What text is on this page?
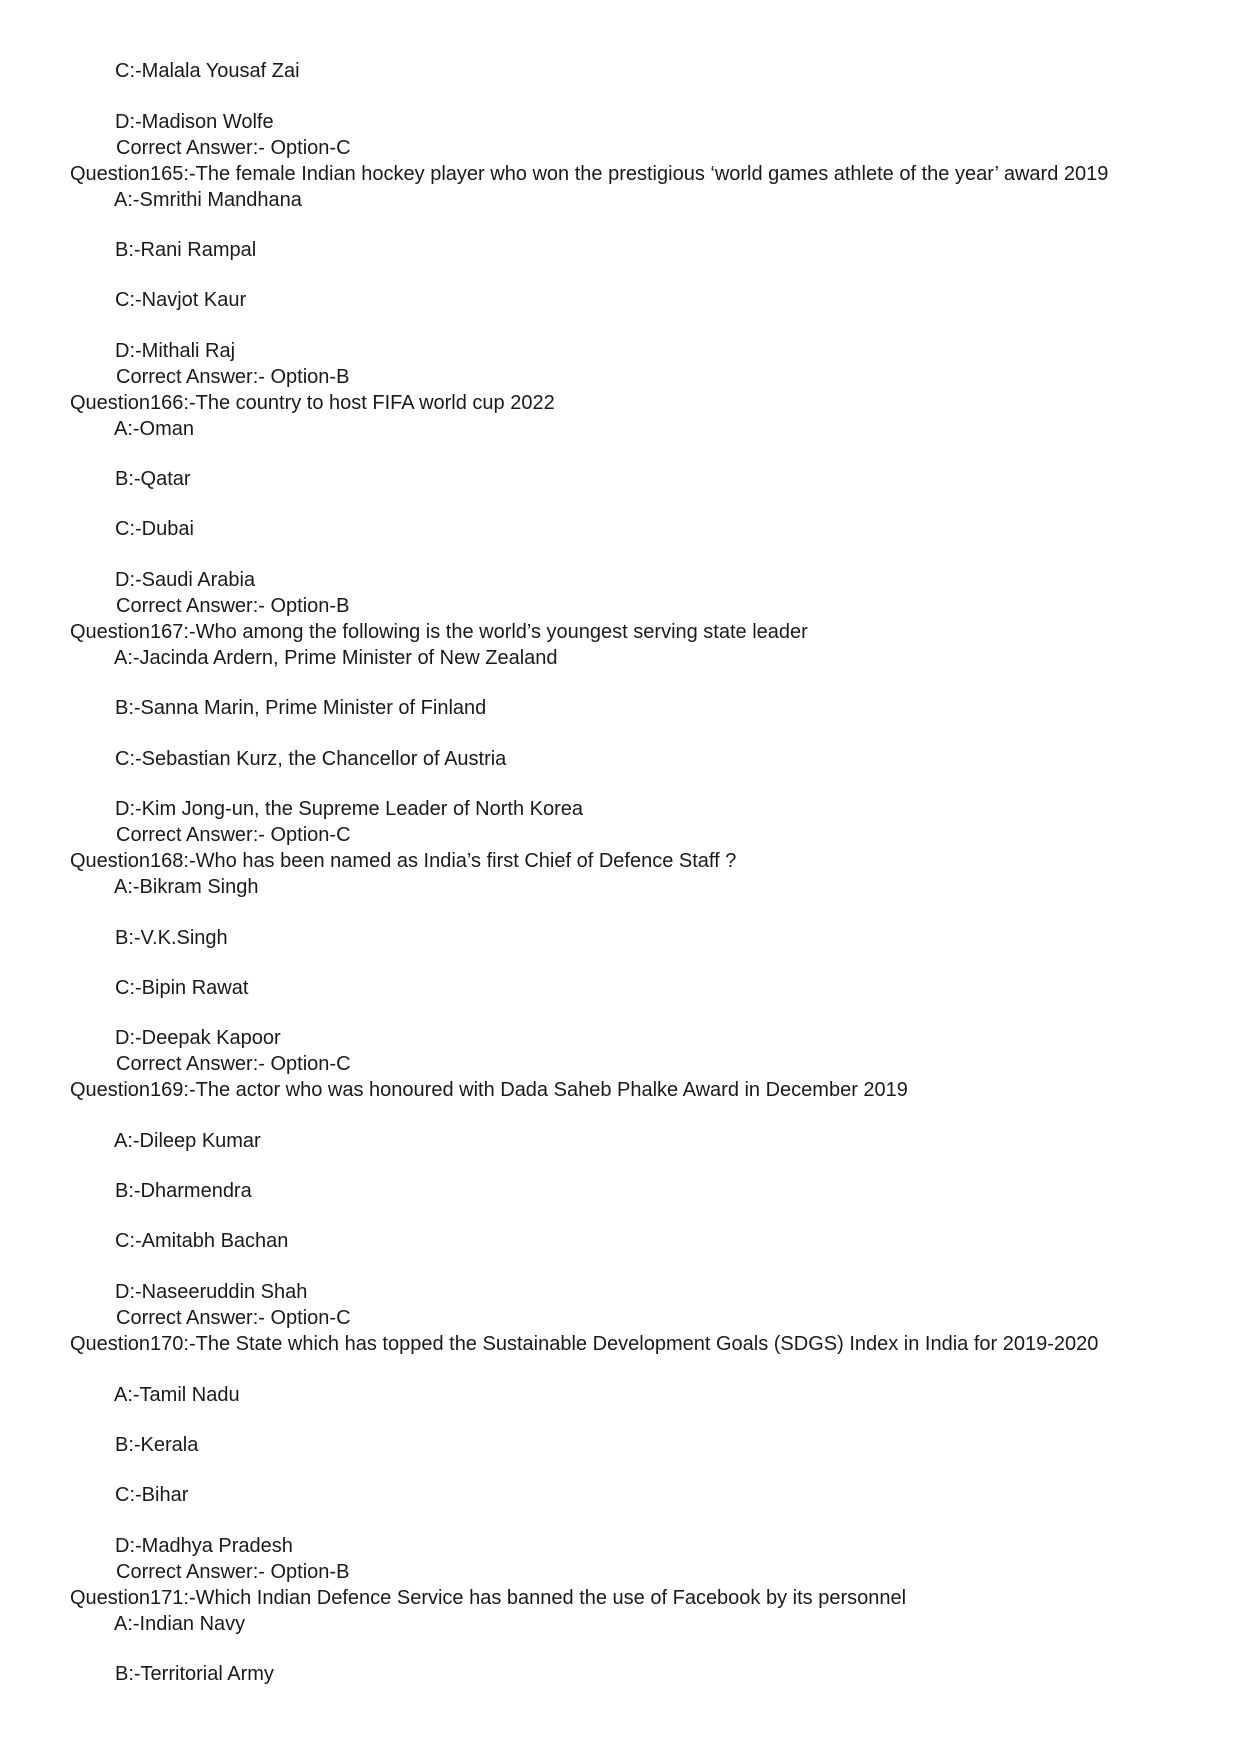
C:-Malala Yousaf Zai
D:-Madison Wolfe
Correct Answer:- Option-C
Question165:-The female Indian hockey player who won the prestigious ‘world games athlete of the year’ award 2019
A:-Smrithi Mandhana
B:-Rani Rampal
C:-Navjot Kaur
D:-Mithali Raj
Correct Answer:- Option-B
Question166:-The country to host FIFA world cup 2022
A:-Oman
B:-Qatar
C:-Dubai
D:-Saudi Arabia
Correct Answer:- Option-B
Question167:-Who among the following is the world’s youngest serving state leader
A:-Jacinda Ardern, Prime Minister of New Zealand
B:-Sanna Marin, Prime Minister of Finland
C:-Sebastian Kurz, the Chancellor of Austria
D:-Kim Jong-un, the Supreme Leader of North Korea
Correct Answer:- Option-C
Question168:-Who has been named as India’s first Chief of Defence Staff ?
A:-Bikram Singh
B:-V.K.Singh
C:-Bipin Rawat
D:-Deepak Kapoor
Correct Answer:- Option-C
Question169:-The actor who was honoured with Dada Saheb Phalke Award in December 2019
A:-Dileep Kumar
B:-Dharmendra
C:-Amitabh Bachan
D:-Naseeruddin Shah
Correct Answer:- Option-C
Question170:-The State which has topped the Sustainable Development Goals (SDGS) Index in India for 2019-2020
A:-Tamil Nadu
B:-Kerala
C:-Bihar
D:-Madhya Pradesh
Correct Answer:- Option-B
Question171:-Which Indian Defence Service has banned the use of Facebook by its personnel
A:-Indian Navy
B:-Territorial Army
